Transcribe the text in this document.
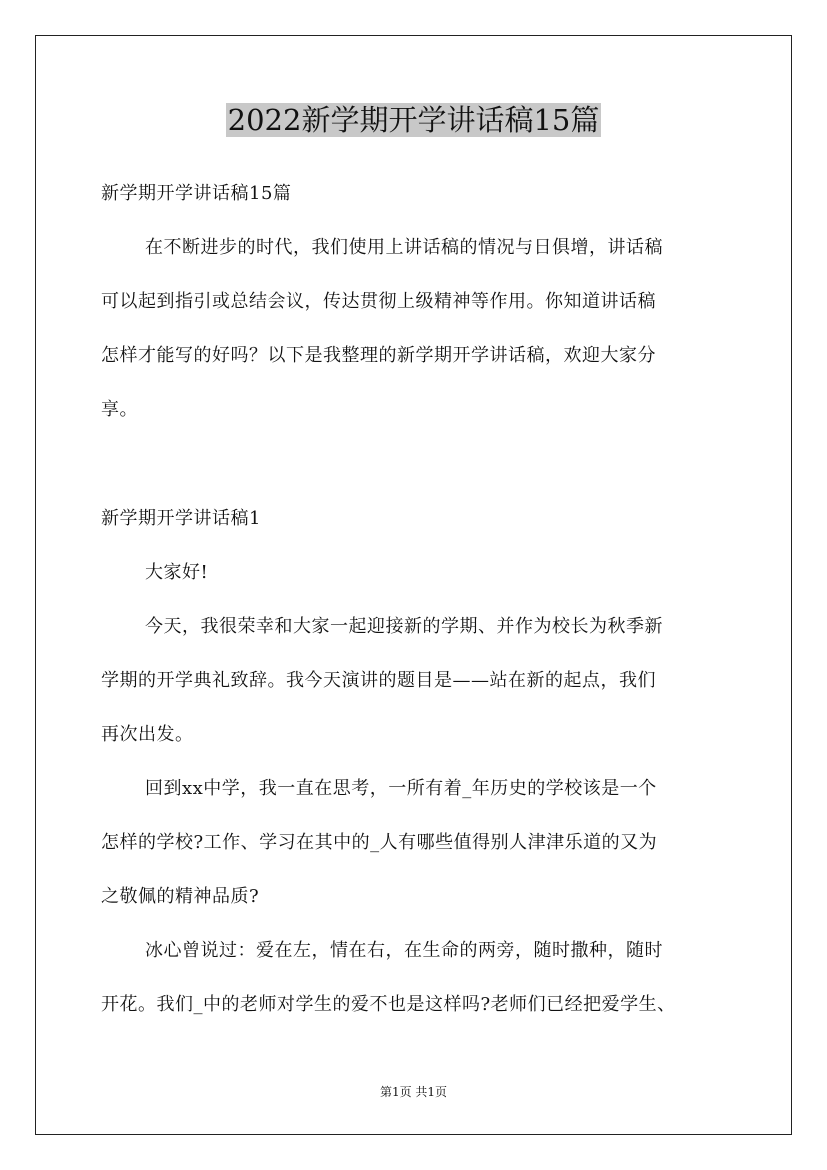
2022新学期开学讲话稿15篇
新学期开学讲话稿15篇
在不断进步的时代，我们使用上讲话稿的情况与日俱增，讲话稿
可以起到指引或总结会议，传达贯彻上级精神等作用。你知道讲话稿
怎样才能写的好吗？以下是我整理的新学期开学讲话稿，欢迎大家分
享。
新学期开学讲话稿1
大家好!
今天，我很荣幸和大家一起迎接新的学期、并作为校长为秋季新
学期的开学典礼致辞。我今天演讲的题目是——站在新的起点，我们
再次出发。
回到xx中学，我一直在思考，一所有着_年历史的学校该是一个
怎样的学校?工作、学习在其中的_人有哪些值得别人津津乐道的又为
之敬佩的精神品质?
冰心曾说过：爱在左，情在右，在生命的两旁，随时撒种，随时
开花。我们_中的老师对学生的爱不也是这样吗?老师们已经把爱学生、
第1页 共1页
